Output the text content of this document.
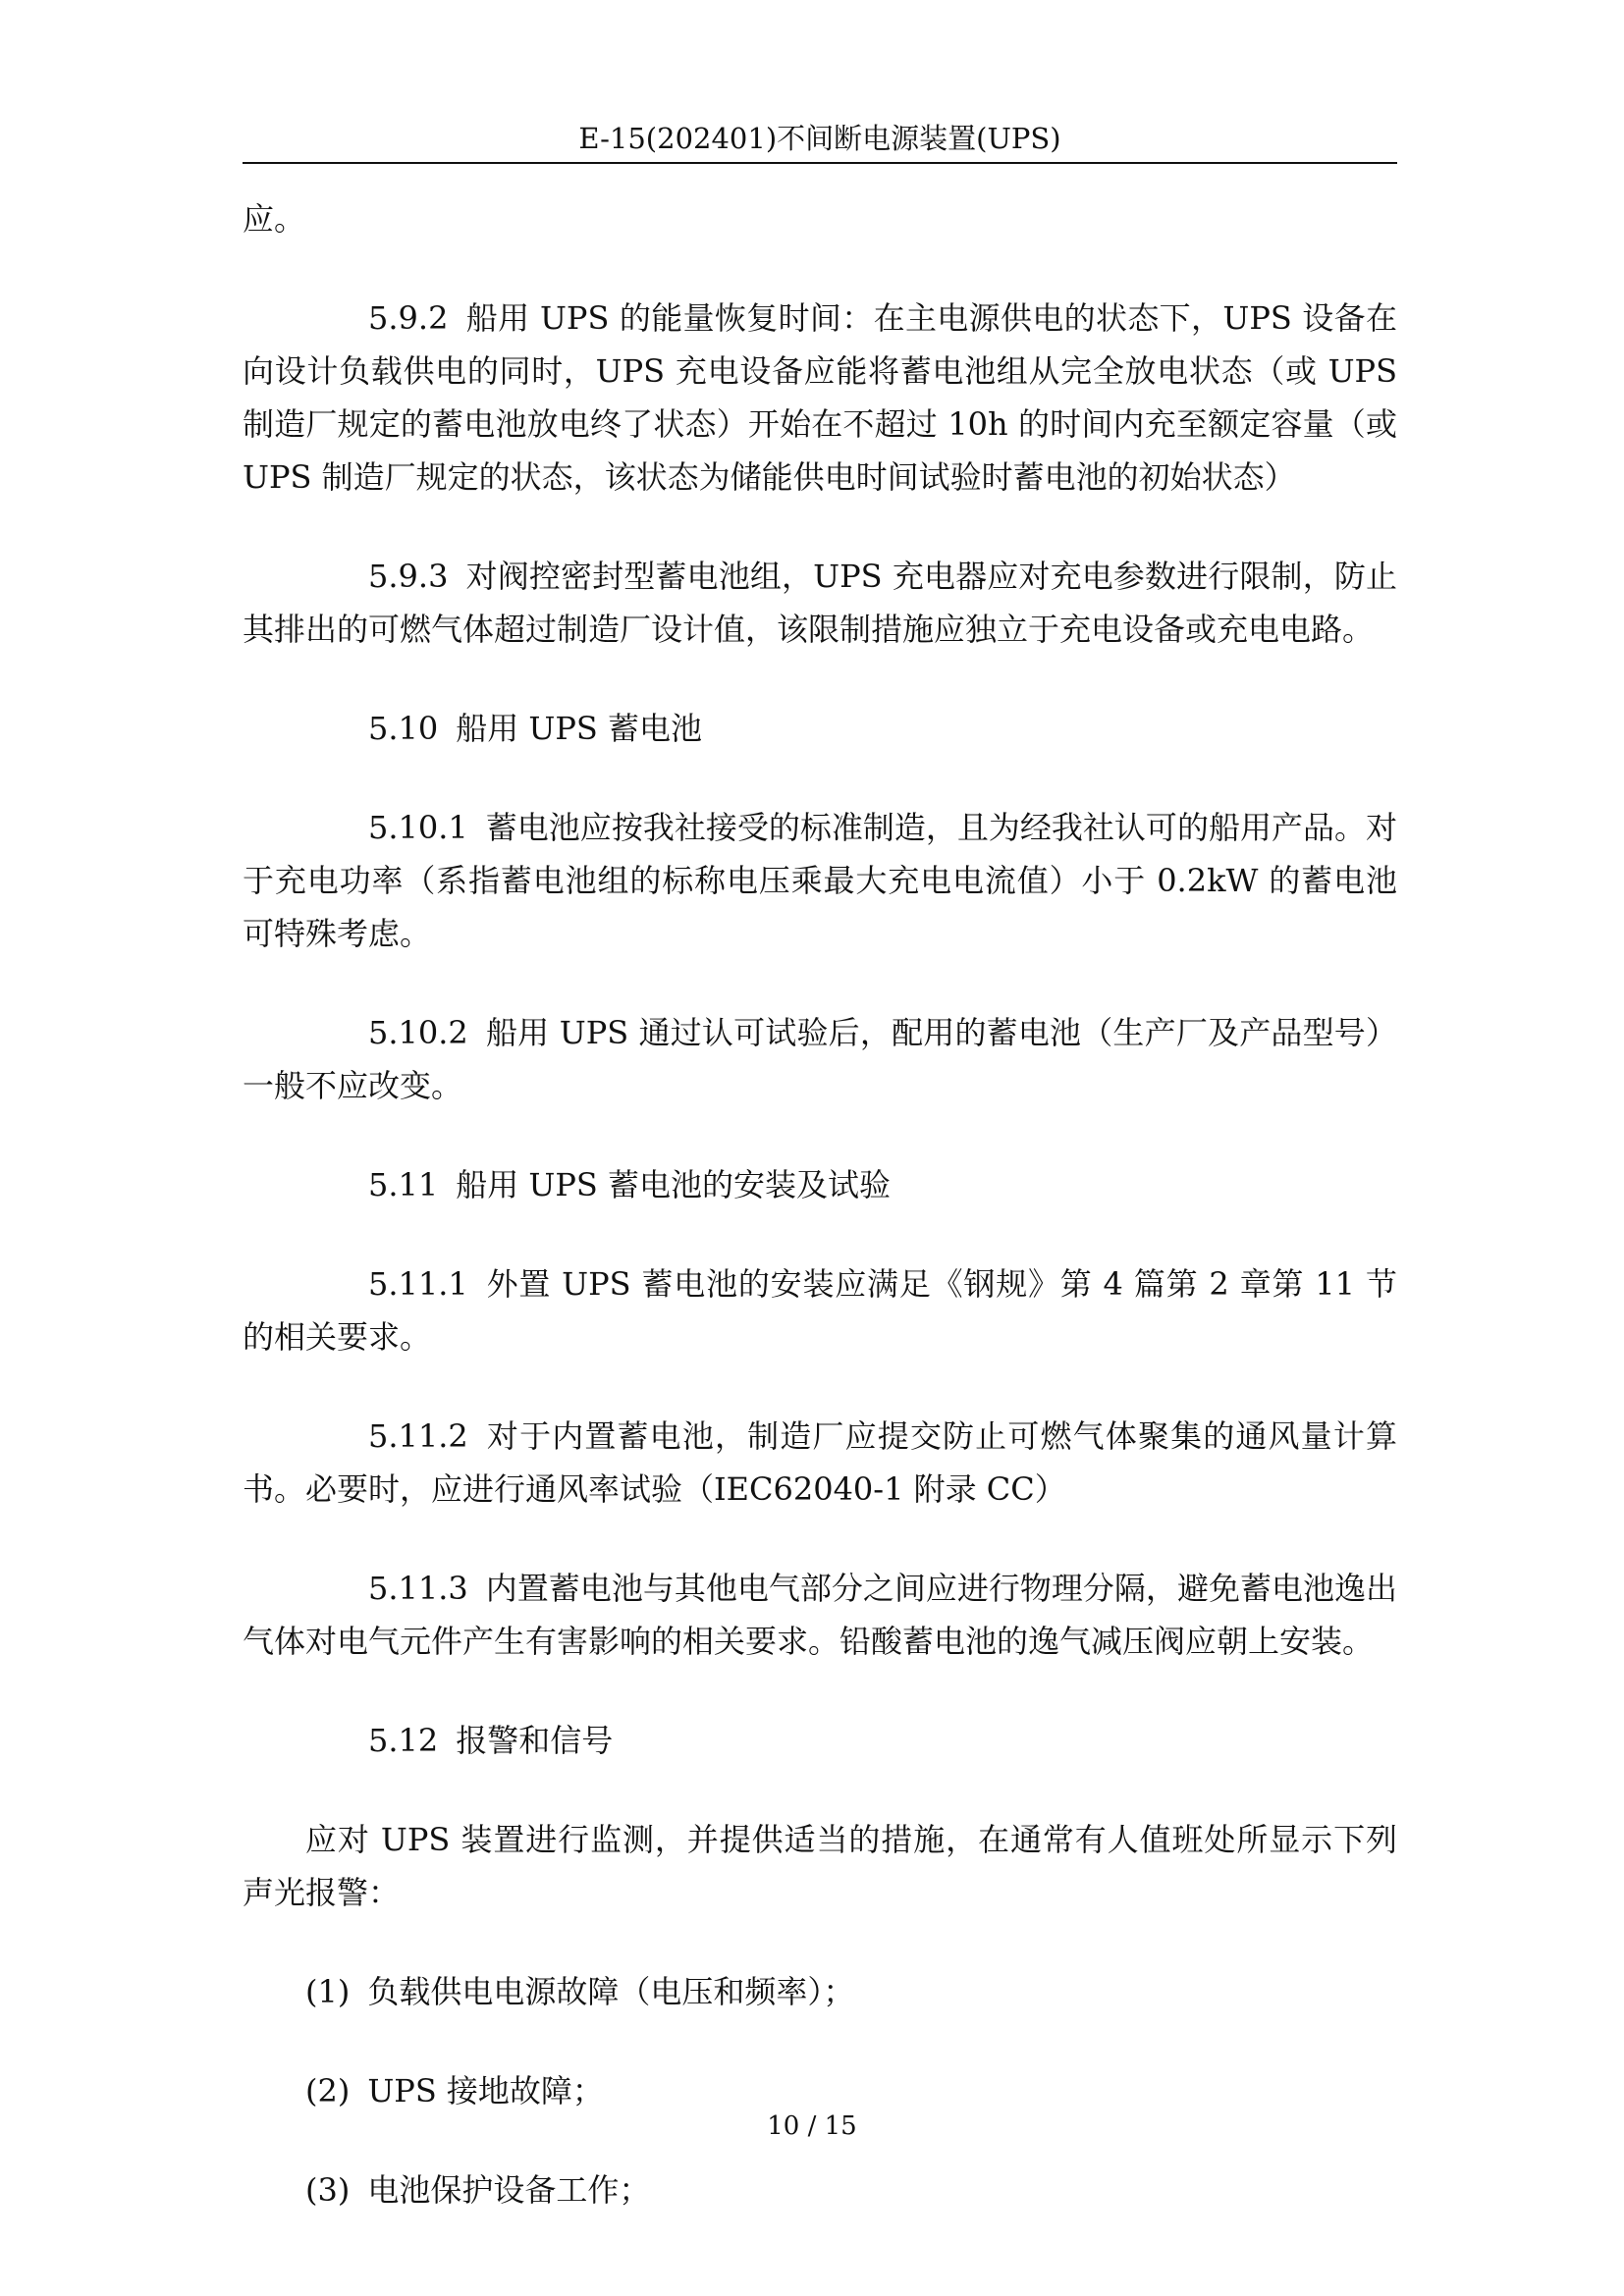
E-15(202401)不间断电源装置(UPS)

应。

5.9.2 船用 UPS 的能量恢复时间：在主电源供电的状态下，UPS 设备在向设计负载供电的同时，UPS 充电设备应能将蓄电池组从完全放电状态（或 UPS 制造厂规定的蓄电池放电终了状态）开始在不超过 10h 的时间内充至额定容量（或 UPS 制造厂规定的状态，该状态为储能供电时间试验时蓄电池的初始状态）

5.9.3 对阀控密封型蓄电池组，UPS 充电器应对充电参数进行限制，防止其排出的可燃气体超过制造厂设计值，该限制措施应独立于充电设备或充电电路。

5.10 船用 UPS 蓄电池

5.10.1 蓄电池应按我社接受的标准制造，且为经我社认可的船用产品。对于充电功率（系指蓄电池组的标称电压乘最大充电电流值）小于 0.2kW 的蓄电池可特殊考虑。

5.10.2 船用 UPS 通过认可试验后，配用的蓄电池（生产厂及产品型号）一般不应改变。

5.11 船用 UPS 蓄电池的安装及试验

5.11.1 外置 UPS 蓄电池的安装应满足《钢规》第 4 篇第 2 章第 11 节的相关要求。

5.11.2 对于内置蓄电池，制造厂应提交防止可燃气体聚集的通风量计算书。必要时，应进行通风率试验（IEC62040-1 附录 CC）

5.11.3 内置蓄电池与其他电气部分之间应进行物理分隔，避免蓄电池逸出气体对电气元件产生有害影响的相关要求。铅酸蓄电池的逸气减压阀应朝上安装。

5.12 报警和信号

应对 UPS 装置进行监测，并提供适当的措施，在通常有人值班处所显示下列声光报警：

(1) 负载供电电源故障（电压和频率）；
(2) UPS 接地故障；
(3) 电池保护设备工作；
10 / 15
